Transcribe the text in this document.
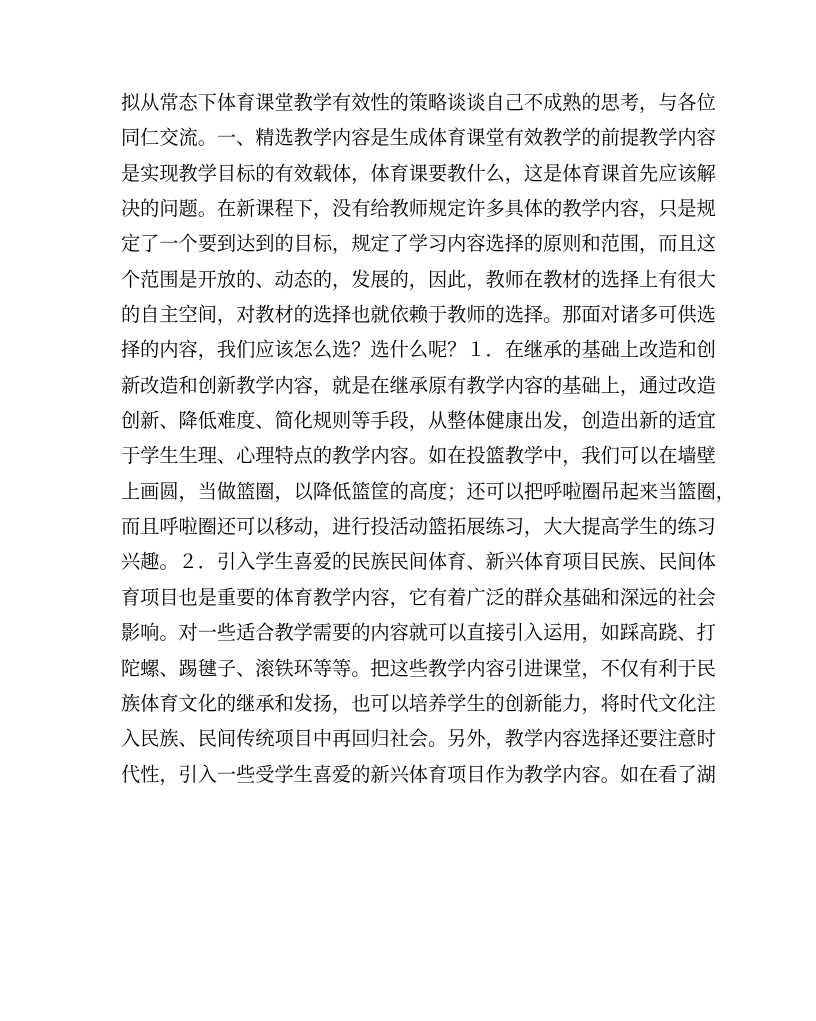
拟从常态下体育课堂教学有效性的策略谈谈自己不成熟的思考，与各位
同仁交流。一、精选教学内容是生成体育课堂有效教学的前提教学内容
是实现教学目标的有效载体，体育课要教什么，这是体育课首先应该解
决的问题。在新课程下，没有给教师规定许多具体的教学内容，只是规
定了一个要到达到的目标，规定了学习内容选择的原则和范围，而且这
个范围是开放的、动态的，发展的，因此，教师在教材的选择上有很大
的自主空间，对教材的选择也就依赖于教师的选择。那面对诸多可供选
择的内容，我们应该怎么选？选什么呢？１．在继承的基础上改造和创
新改造和创新教学内容，就是在继承原有教学内容的基础上，通过改造
创新、降低难度、简化规则等手段，从整体健康出发，创造出新的适宜
于学生生理、心理特点的教学内容。如在投篮教学中，我们可以在墙壁
上画圆，当做篮圈，以降低篮筐的高度；还可以把呼啦圈吊起来当篮圈，
而且呼啦圈还可以移动，进行投活动篮拓展练习，大大提高学生的练习
兴趣。２．引入学生喜爱的民族民间体育、新兴体育项目民族、民间体
育项目也是重要的体育教学内容，它有着广泛的群众基础和深远的社会
影响。对一些适合教学需要的内容就可以直接引入运用，如踩高跷、打
陀螺、踢毽子、滚铁环等等。把这些教学内容引进课堂，不仅有利于民
族体育文化的继承和发扬，也可以培养学生的创新能力，将时代文化注
入民族、民间传统项目中再回归社会。另外，教学内容选择还要注意时
代性，引入一些受学生喜爱的新兴体育项目作为教学内容。如在看了湖
